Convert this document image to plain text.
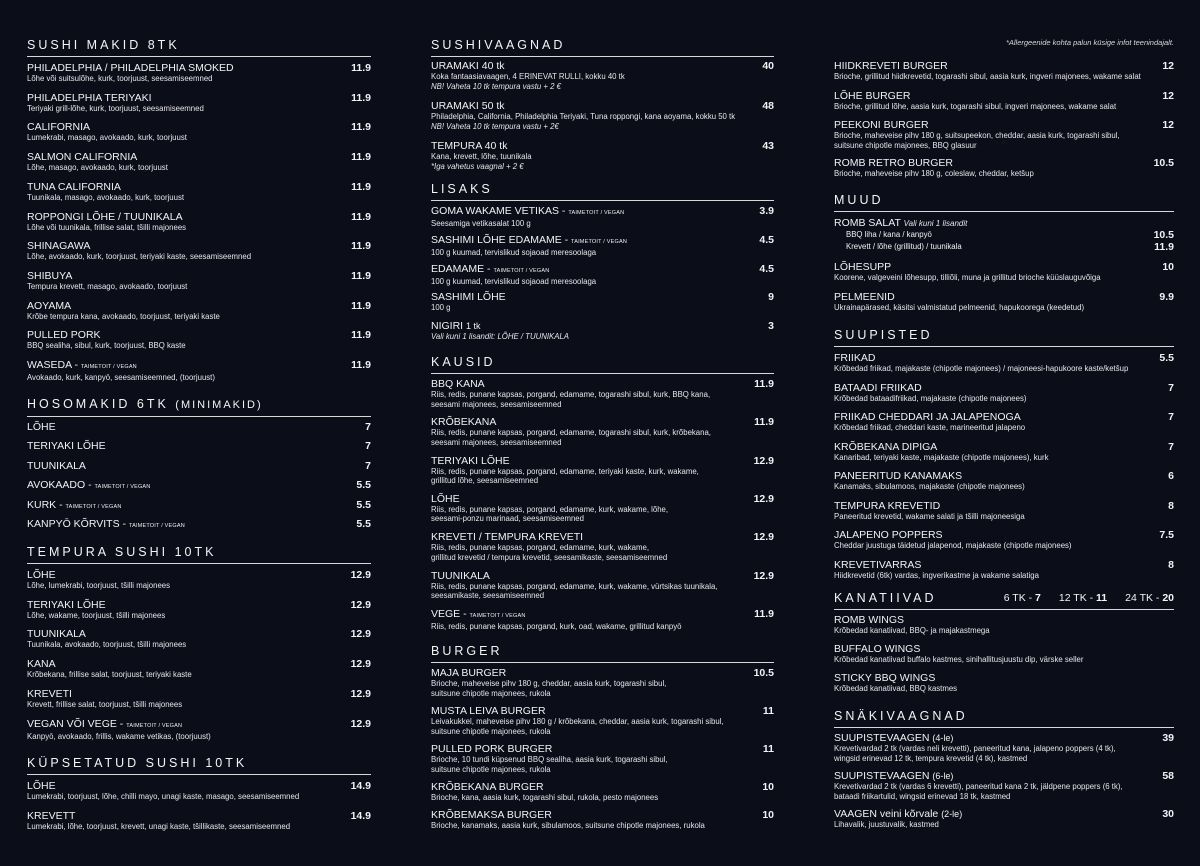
*Allergeenide kohta palun küsige infot teenindajalt.
SUSHI MAKID 8TK
PHILADELPHIA / PHILADELPHIA SMOKED	11.9
Lõhe või suitsulõhe, kurk, toorjuust, seesamiseemned
PHILADELPHIA TERIYAKI	11.9
Teriyaki grill-lõhe, kurk, toorjuust, seesamiseemned
CALIFORNIA	11.9
Lumekrabi, masago, avokaado, kurk, toorjuust
SALMON CALIFORNIA	11.9
Lõhe, masago, avokaado, kurk, toorjuust
TUNA CALIFORNIA	11.9
Tuunikala, masago, avokaado, kurk, toorjuust
ROPPONGI LÕHE / TUUNIKALA	11.9
Lõhe või tuunikala, frillise salat, tšilli majonees
SHINAGAWA	11.9
Lõhe, avokaado, kurk, toorjuust, teriyaki kaste, seesamiseemned
SHIBUYA	11.9
Tempura krevett, masago, avokaado, toorjuust
AOYAMA	11.9
Krõbe tempura kana, avokaado, toorjuust, teriyaki kaste
PULLED PORK	11.9
BBQ sealiha, sibul, kurk, toorjuust, BBQ kaste
WASEDA - TAIMETOIT / VEGAN	11.9
Avokaado, kurk, kanpyō, seesamiseemned, (toorjuust)
HOSOMAKID 6TK (MINIMAKID)
LÕHE	7
TERIYAKI LÕHE	7
TUUNIKALA	7
AVOKAADO - TAIMETOIT / VEGAN	5.5
KURK - TAIMETOIT / VEGAN	5.5
KANPYŌ KÕRVITS - TAIMETOIT / VEGAN	5.5
TEMPURA SUSHI 10TK
LÕHE	12.9
Lõhe, lumekrabi, toorjuust, tšilli majonees
TERIYAKI LÕHE	12.9
Lõhe, wakame, toorjuust, tšilli majonees
TUUNIKALA	12.9
Tuunikala, avokaado, toorjuust, tšilli majonees
KANA	12.9
Krõbekana, frillise salat, toorjuust, teriyaki kaste
KREVETI	12.9
Krevett, frillise salat, toorjuust, tšilli majonees
VEGAN VÕI VEGE - TAIMETOIT / VEGAN	12.9
Kanpyō, avokaado, frillis, wakame vetikas, (toorjuust)
KÜPSETATUD SUSHI 10TK
LÕHE	14.9
Lumekrabi, toorjuust, lõhe, chilli mayo, unagi kaste, masago, seesamiseemned
KREVETT	14.9
Lumekrabi, lõhe, toorjuust, krevett, unagi kaste, tšillikaste, seesamiseemned
SUSHIVAAGNAD
URAMAKI 40 tk	40
Koka fantaasiavaagen, 4 ERINEVAT RULLI, kokku 40 tk
NB! Vaheta 10 tk tempura vastu + 2 €
URAMAKI 50 tk	48
Philadelphia, California, Philadelphia Teriyaki, Tuna roppongi, kana aoyama, kokku 50 tk
NB! Vaheta 10 tk tempura vastu + 2€
TEMPURA 40 tk	43
Kana, krevett, lõhe, tuunikala
*Iga vahetus vaagnal + 2 €
LISAKS
GOMA WAKAME VETIKAS - TAIMETOIT / VEGAN	3.9
Seesamiga vetikasalat 100 g
SASHIMI LÕHE EDAMAME - TAIMETOIT / VEGAN	4.5
100 g kuumad, tervislikud sojaoad meresoolaga
EDAMAME - TAIMETOIT / VEGAN	4.5
100 g kuumad, tervislikud sojaoad meresoolaga
SASHIMI LÕHE	9
100 g
NIGIRI 1 tk	3
Vali kuni 1 lisandit: LÕHE / TUUNIKALA
KAUSID
BBQ KANA	11.9
Riis, redis, punane kapsas, porgand, edamame, togarashi sibul, kurk, BBQ kana,
seesami majonees, seesamiseemned
KRÕBEKANA	11.9
Riis, redis, punane kapsas, porgand, edamame, togarashi sibul, kurk, krõbekana,
seesami majonees, seesamiseemned
TERIYAKI LÕHE	12.9
Riis, redis, punane kapsas, porgand, edamame, teriyaki kaste, kurk, wakame,
grillitud lõhe, seesamiseemned
LÕHE	12.9
Riis, redis, punane kapsas, porgand, edamame, kurk, wakame, lõhe,
seesami-ponzu marinaad, seesamiseemned
KREVETI / TEMPURA KREVETI	12.9
Riis, redis, punane kapsas, porgand, edamame, kurk, wakame,
grillitud krevetid / tempura krevetid, seesamikaste, seesamiseemned
TUUNIKALA	12.9
Riis, redis, punane kapsas, porgand, edamame, kurk, wakame, vürtsikas tuunikala,
seesamikaste, seesamiseemned
VEGE - TAIMETOIT / VEGAN	11.9
Riis, redis, punane kapsas, porgand, kurk, oad, wakame, grillitud kanpyō
BURGER
MAJA BURGER	10.5
Brioche, maheveise pihv 180 g, cheddar, aasia kurk, togarashi sibul,
suitsune chipotle majonees, rukola
MUSTA LEIVA BURGER	11
Leivakukkel, maheveise pihv 180 g / krõbekana, cheddar, aasia kurk, togarashi sibul,
suitsune chipotle majonees, rukola
PULLED PORK BURGER	11
Brioche, 10 tundi küpsenud BBQ sealiha, aasia kurk, togarashi sibul,
suitsune chipotle majonees, rukola
KRÕBEKANA BURGER	10
Brioche, kana, aasia kurk, togarashi sibul, rukola, pesto majonees
KRÕBEMAKSA BURGER	10
Brioche, kanamaks, aasia kurk, sibulamoos, suitsune chipotle majonees, rukola
HIIDKREVETI BURGER	12
Brioche, grillitud hiidkrevetid, togarashi sibul, aasia kurk, ingveri majonees, wakame salat
LÕHE BURGER	12
Brioche, grillitud lõhe, aasia kurk, togarashi sibul, ingveri majonees, wakame salat
PEEKONI BURGER	12
Brioche, maheveise pihv 180 g, suitsupeekon, cheddar, aasia kurk, togarashi sibul,
suitsune chipotle majonees, BBQ glasuur
ROMB RETRO BURGER	10.5
Brioche, maheveise pihv 180 g, coleslaw, cheddar, ketšup
MUUD
ROMB SALAT Vali kuni 1 lisandit
BBQ liha / kana / kanpyō	10.5
Krevett / lõhe (grillitud) / tuunikala	11.9
LÕHESUPP	10
Koorene, valgeveini lõhesupp, tilliõli, muna ja grillitud brioche küüslauguvõiga
PELMEENID	9.9
Ukrainapärased, käsitsi valmistatud pelmeenid, hapukoorega (keedetud)
SUUPISTED
FRIIKAD	5.5
Krõbedad friikad, majakaste (chipotle majonees) / majoneesi-hapukoore kaste/ketšup
BATAADI FRIIKAD	7
Krõbedad bataadifriikad, majakaste (chipotle majonees)
FRIIKAD CHEDDARI JA JALAPENOGA	7
Krõbedad friikad, cheddari kaste, marineeritud jalapeno
KRÕBEKANA DIPIGA	7
Kanaribad, teriyaki kaste, majakaste (chipotle majonees), kurk
PANEERITUD KANAMAKS	6
Kanamaks, sibulamoos, majakaste (chipotle majonees)
TEMPURA KREVETID	8
Paneeritud krevetid, wakame salati ja tšilli majoneesiga
JALAPENO POPPERS	7.5
Cheddar juustuga täidetud jalapenod, majakaste (chipotle majonees)
KREVETIVARRAS	8
Hiidkrevetid (6tk) vardas, ingverikastme ja wakame salatiga
KANATIIVAD	6 TK - 7 12 TK - 11 24 TK - 20
ROMB WINGS
Krõbedad kanatiivad, BBQ- ja majakastmega
BUFFALO WINGS
Krõbedad kanatiivad buffalo kastmes, sinihallitusjuustu dip, värske seller
STICKY BBQ WINGS
Krõbedad kanatiivad, BBQ kastmes
SNÄKIVAAGNAD
SUUPISTEVAAGEN (4-le)	39
Krevetivardad 2 tk (vardas neli krevetti), paneeritud kana, jalapeno poppers (4 tk),
wingsid erinevad 12 tk, tempura krevetid (4 tk), kastmed
SUUPISTEVAAGEN (6-le)	58
Krevetivardad 2 tk (vardas 6 krevetti), paneeritud kana 2 tk, jäldpene poppers (6 tk),
bataadi friikartulid, wingsid erinevad 18 tk, kastmed
VAAGEN veini kõrvale (2-le)	30
Lihavalik, juustuvalik, kastmed
